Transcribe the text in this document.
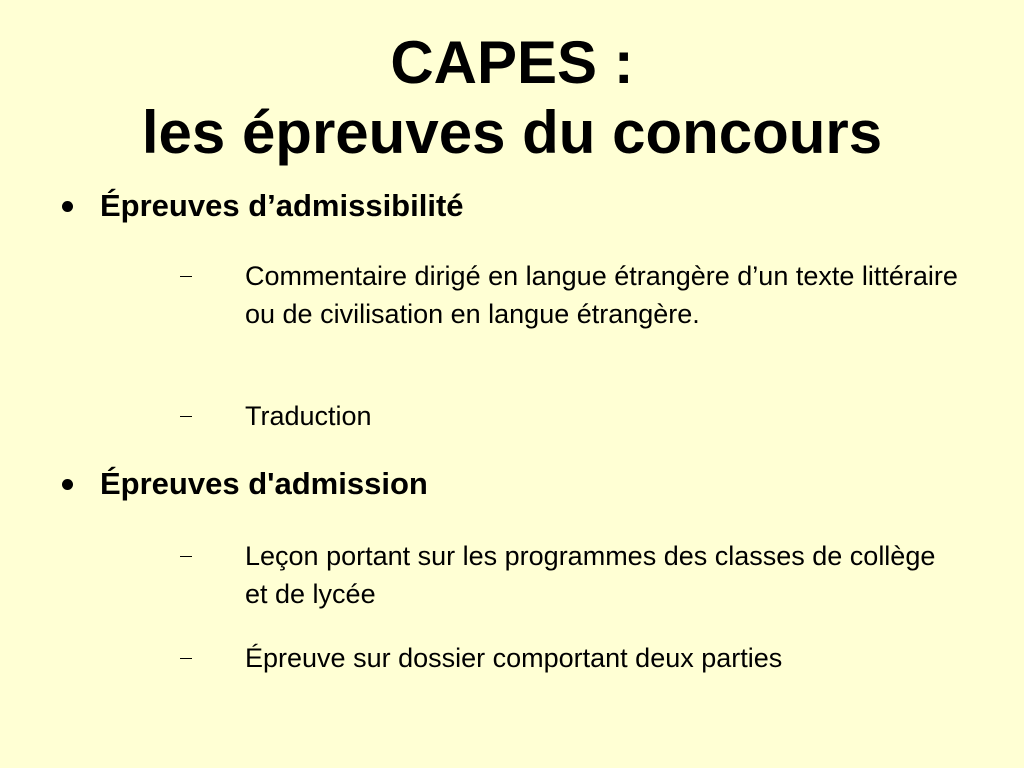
CAPES :
les épreuves du concours
Épreuves d’admissibilité
Commentaire dirigé en langue étrangère d’un texte littéraire ou de civilisation en langue étrangère.
Traduction
Épreuves d'admission
Leçon portant sur les programmes des classes de collège et de lycée
Épreuve sur dossier comportant deux parties
